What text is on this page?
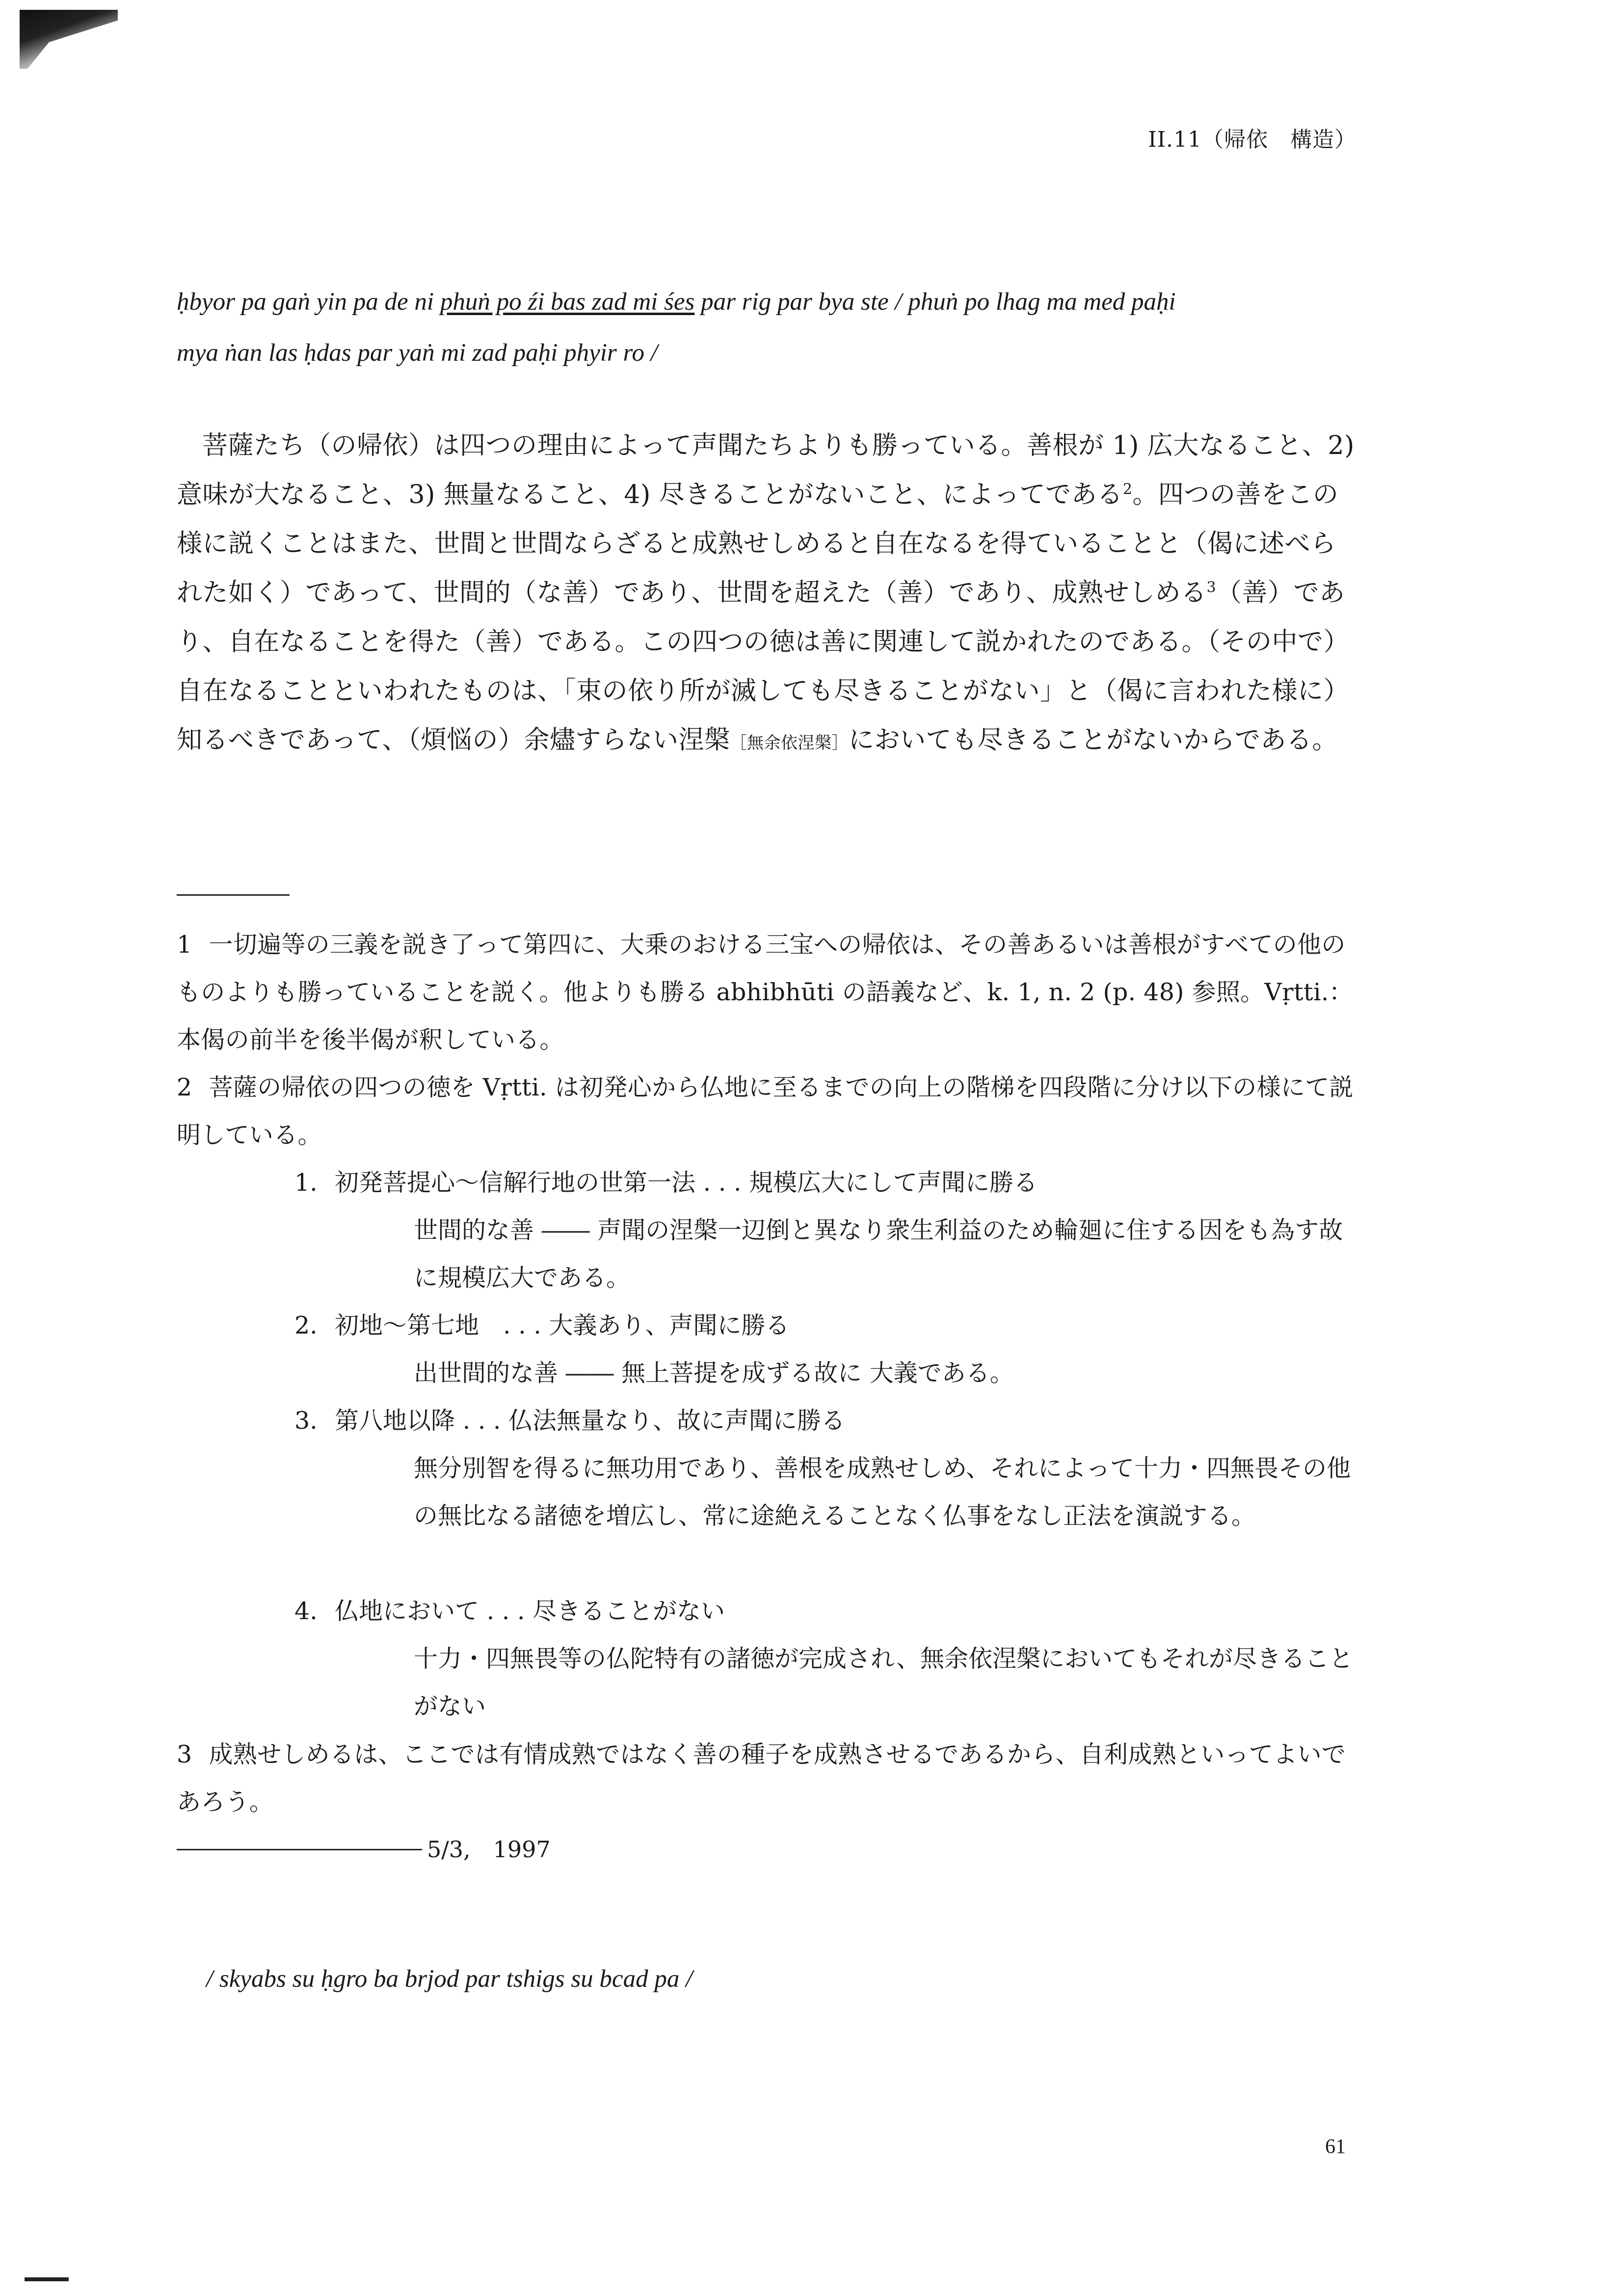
II.11（帰依　構造）
ḥbyor pa gaṅ yin pa de ni phuṅ po źi bas zad mi śes par rig par bya ste / phuṅ po lhag ma med paḥi
mya ṅan las ḥdas par yaṅ mi zad paḥi phyir ro /
菩薩たち（の帰依）は四つの理由によって声聞たちよりも勝っている。善根が 1) 広大なること、2) 意味が大なること、3) 無量なること、4) 尽きることがないこと、によってである$^2$。四つの善をこの様に説くことはまた、世間と世間ならざると成熟せしめると自在なるを得ていることと（偈に述べられた如く）であって、世間的（な善）であり、世間を超えた（善）であり、成熟せしめる$^3$（善）であり、自在なることを得た（善）である。この四つの徳は善に関連して説かれたのである。（その中で）自在なることといわれたものは、「束の依り所が滅しても尽きることがない」と（偈に言われた様に）知るべきであって、（煩悩の）余燼すらない涅槃［無余依涅槃］においても尽きることがないからである。
1 一切遍等の三義を説き了って第四に、大乗のおける三宝への帰依は、その善あるいは善根がすべての他のものよりも勝っていることを説く。他よりも勝る abhibhūti の語義など、k. 1, n. 2 (p. 48) 参照。Vṛtti.：本偈の前半を後半偈が釈している。
2 菩薩の帰依の四つの徳を Vṛtti. は初発心から仏地に至るまでの向上の階梯を四段階に分け以下の様にて説明している。
1. 初発菩提心〜信解行地の世第一法 . . . 規模広大にして声聞に勝る
世間的な善 ―― 声聞の涅槃一辺倒と異なり衆生利益のため輪廻に住する因をも為す故に規模広大である。
2. 初地〜第七地　. . . 大義あり、声聞に勝る
出世間的な善 ―― 無上菩提を成ずる故に 大義である。
3. 第八地以降 . . . 仏法無量なり、故に声聞に勝る
無分別智を得るに無功用であり、善根を成熟せしめ、それによって十力・四無畏その他の無比なる諸徳を増広し、常に途絶えることなく仏事をなし正法を演説する。
4. 仏地において . . . 尽きることがない
十力・四無畏等の仏陀特有の諸徳が完成され、無余依涅槃においてもそれが尽きることがない
3 成熟せしめるは、ここでは有情成熟ではなく善の種子を成熟させるであるから、自利成熟といってよいであろう。
5/3,　1997
/ skyabs su ḥgro ba brjod par tshigs su bcad pa /
61
